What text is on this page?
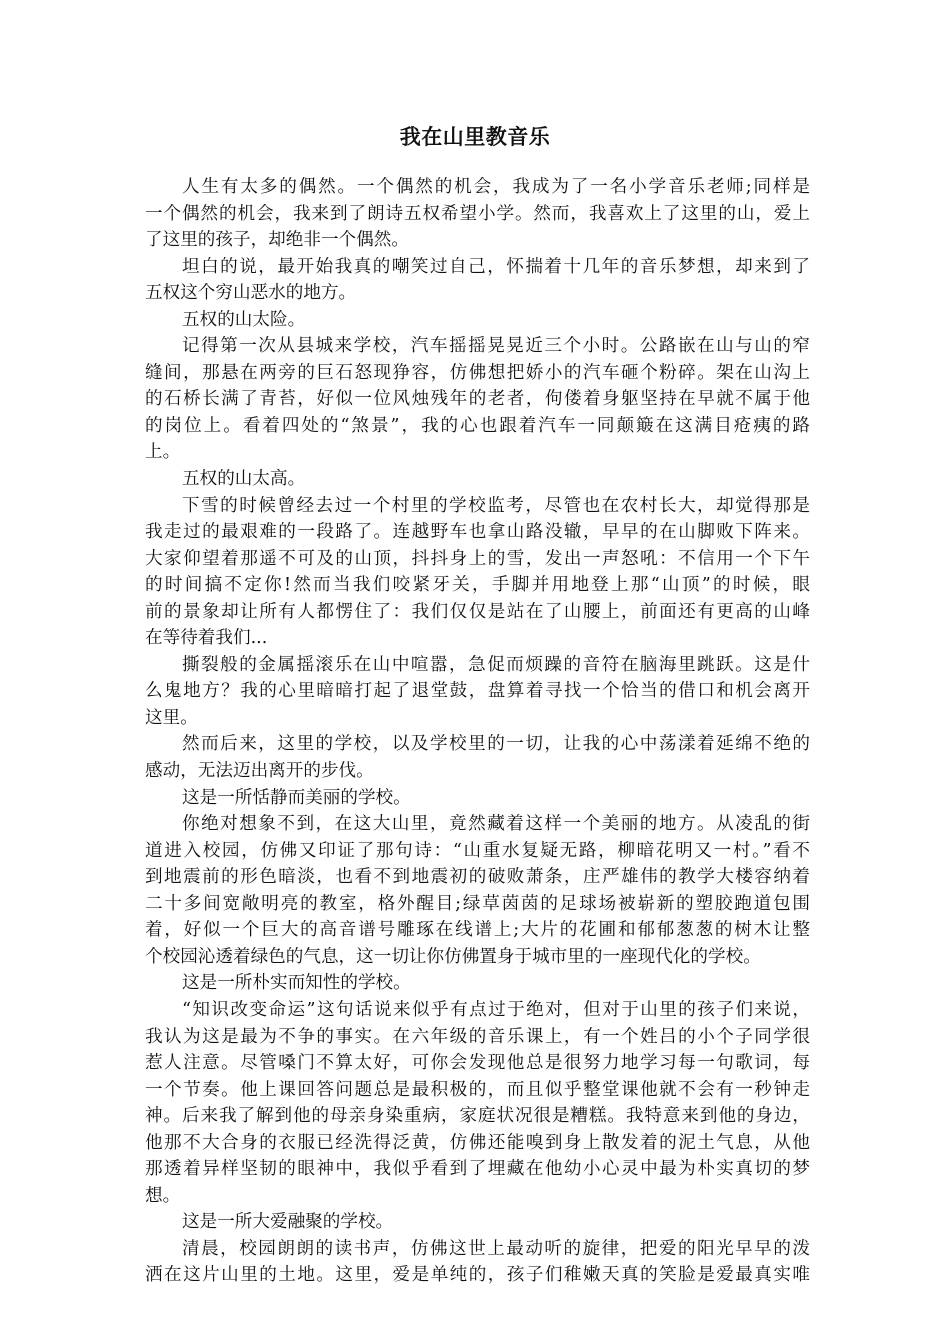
我在山里教音乐
人生有太多的偶然。一个偶然的机会，我成为了一名小学音乐老师;同样是
一个偶然的机会，我来到了朗诗五权希望小学。然而，我喜欢上了这里的山，爱上
了这里的孩子，却绝非一个偶然。
坦白的说，最开始我真的嘲笑过自己，怀揣着十几年的音乐梦想，却来到了
五权这个穷山恶水的地方。
五权的山太险。
记得第一次从县城来学校，汽车摇摇晃晃近三个小时。公路嵌在山与山的窄
缝间，那悬在两旁的巨石怒现狰容，仿佛想把娇小的汽车砸个粉碎。架在山沟上
的石桥长满了青苔，好似一位风烛残年的老者，佝偻着身躯坚持在早就不属于他
的岗位上。看着四处的“煞景”，我的心也跟着汽车一同颠簸在这满目疮痍的路
上。
五权的山太高。
下雪的时候曾经去过一个村里的学校监考，尽管也在农村长大，却觉得那是
我走过的最艰难的一段路了。连越野车也拿山路没辙，早早的在山脚败下阵来。
大家仰望着那遥不可及的山顶，抖抖身上的雪，发出一声怒吼：不信用一个下午
的时间搞不定你!然而当我们咬紧牙关，手脚并用地登上那“山顶”的时候，眼
前的景象却让所有人都愣住了：我们仅仅是站在了山腰上，前面还有更高的山峰
在等待着我们...
撕裂般的金属摇滚乐在山中喧嚣，急促而烦躁的音符在脑海里跳跃。这是什
么鬼地方？我的心里暗暗打起了退堂鼓，盘算着寻找一个恰当的借口和机会离开
这里。
然而后来，这里的学校，以及学校里的一切，让我的心中荡漾着延绵不绝的
感动，无法迈出离开的步伐。
这是一所恬静而美丽的学校。
你绝对想象不到，在这大山里，竟然藏着这样一个美丽的地方。从凌乱的街
道进入校园，仿佛又印证了那句诗：“山重水复疑无路，柳暗花明又一村。”看不
到地震前的形色暗淡，也看不到地震初的破败萧条，庄严雄伟的教学大楼容纳着
二十多间宽敞明亮的教室，格外醒目;绿草茵茵的足球场被崭新的塑胶跑道包围
着，好似一个巨大的高音谱号雕琢在线谱上;大片的花圃和郁郁葱葱的树木让整
个校园沁透着绿色的气息，这一切让你仿佛置身于城市里的一座现代化的学校。
这是一所朴实而知性的学校。
“知识改变命运”这句话说来似乎有点过于绝对，但对于山里的孩子们来说，
我认为这是最为不争的事实。在六年级的音乐课上，有一个姓吕的小个子同学很
惹人注意。尽管嗓门不算太好，可你会发现他总是很努力地学习每一句歌词，每
一个节奏。他上课回答问题总是最积极的，而且似乎整堂课他就不会有一秒钟走
神。后来我了解到他的母亲身染重病，家庭状况很是糟糕。我特意来到他的身边，
他那不大合身的衣服已经洗得泛黄，仿佛还能嗅到身上散发着的泥土气息，从他
那透着异样坚韧的眼神中，我似乎看到了埋藏在他幼小心灵中最为朴实真切的梦
想。
这是一所大爱融聚的学校。
清晨，校园朗朗的读书声，仿佛这世上最动听的旋律，把爱的阳光早早的泼
洒在这片山里的土地。这里，爱是单纯的，孩子们稚嫩天真的笑脸是爱最真实唯
